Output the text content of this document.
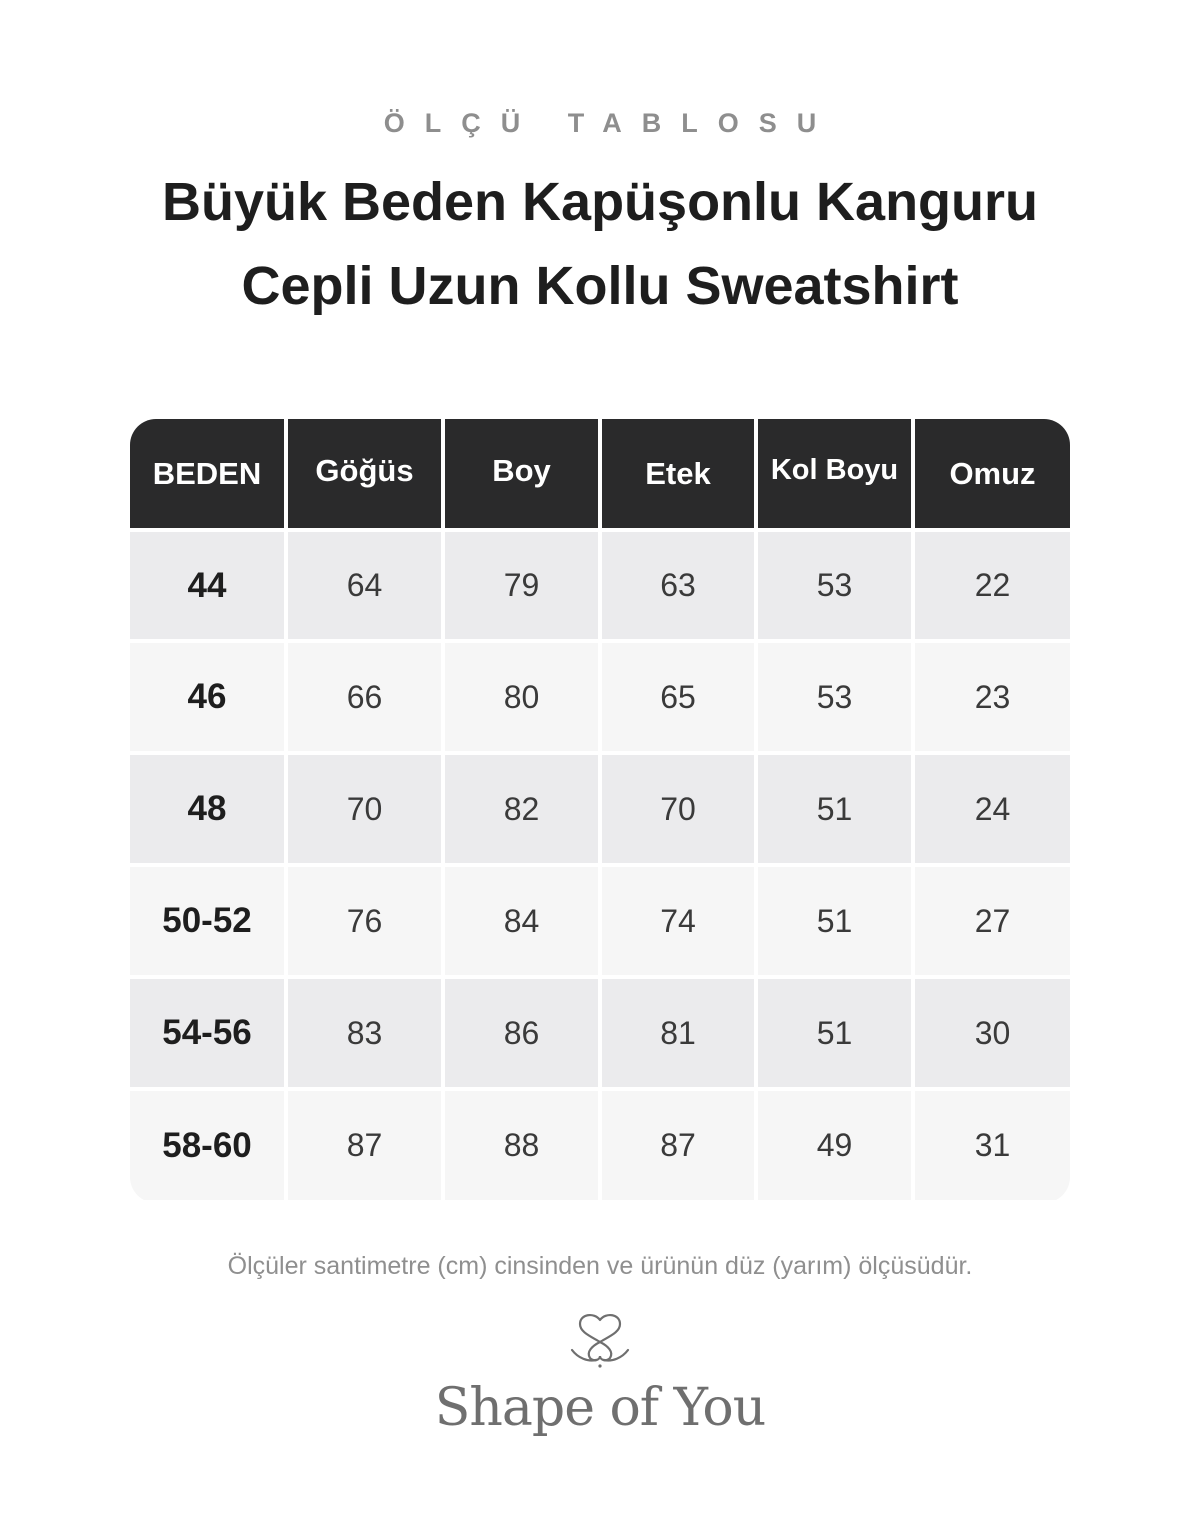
ÖLÇÜ TABLOSU
Büyük Beden Kapüşonlu Kanguru
Cepli Uzun Kollu Sweatshirt
BEDEN	Göğüs	Boy	Etek	Kol Boyu	Omuz
44	64	79	63	53	22
46	66	80	65	53	23
48	70	82	70	51	24
50-52	76	84	74	51	27
54-56	83	86	81	51	30
58-60	87	88	87	49	31
Ölçüler santimetre (cm) cinsinden ve ürünün düz (yarım) ölçüsüdür.
Shape of You
